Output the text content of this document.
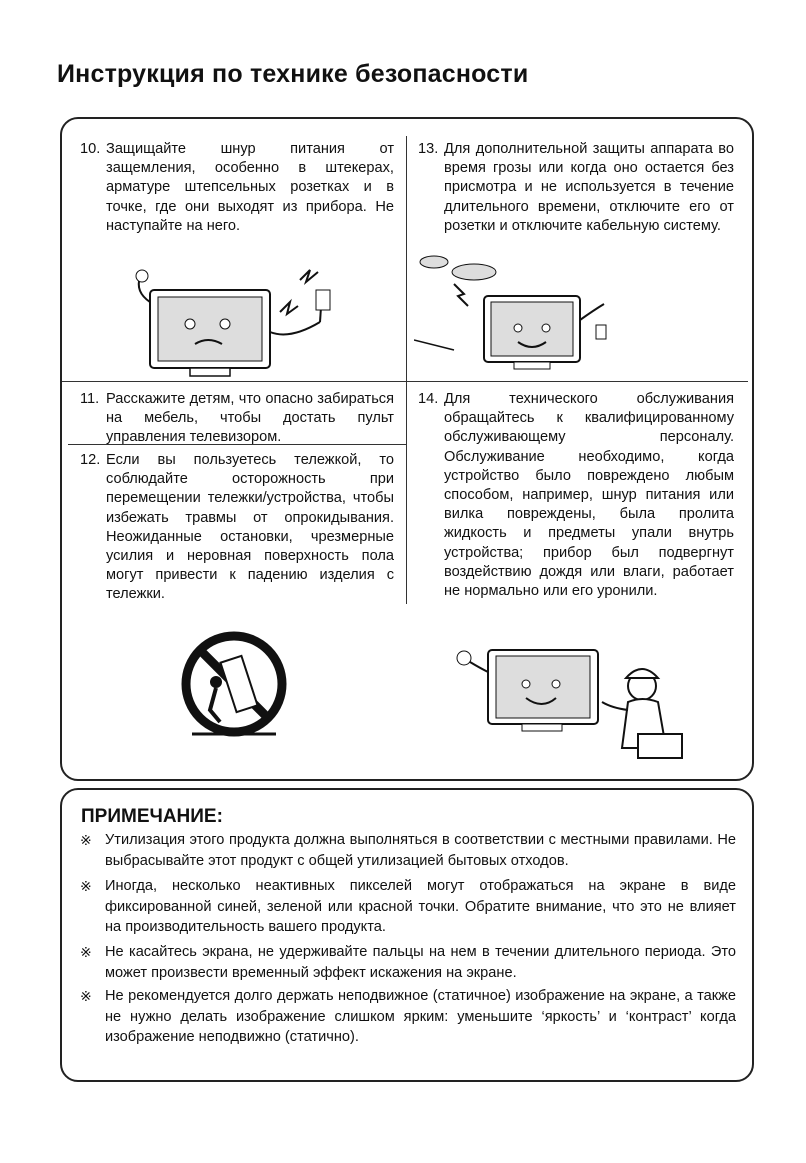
Инструкция по технике безопасности
10. Защищайте шнур питания от защемления, особенно в штекерах, арматуре штепсельных розетках и в точке, где они выходят из прибора. Не наступайте на него.
13. Для дополнительной защиты аппарата во время грозы или когда оно остается без присмотра и не используется в течение длительного времени, отключите его от розетки и отключите кабельную систему.
11. Расскажите детям, что опасно забираться на мебель, чтобы достать пульт управления телевизором.
12. Если вы пользуетесь тележкой, то соблюдайте осторожность при перемещении тележки/устройства, чтобы избежать травмы от опрокидывания. Неожиданные остановки, чрезмерные усилия и неровная поверхность пола могут привести к падению изделия с тележки.
14. Для технического обслуживания обращайтесь к квалифицированному обслуживающему персоналу. Обслуживание необходимо, когда устройство было повреждено любым способом, например, шнур питания или вилка повреждены, была пролита жидкость и предметы упали внутрь устройства; прибор был подвергнут воздействию дождя или влаги, работает не нормально или его уронили.
ПРИМЕЧАНИЕ:
※ Утилизация этого продукта должна выполняться в соответствии с местными правилами. Не выбрасывайте этот продукт с общей утилизацией бытовых отходов.
※ Иногда, несколько неактивных пикселей могут отображаться на экране в виде фиксированной синей, зеленой или красной точки. Обратите внимание, что это не влияет на производительность вашего продукта.
※ Не касайтесь экрана, не удерживайте пальцы на нем в течении длительного периода. Это может произвести временный эффект искажения на экране.
※ Не рекомендуется долго держать неподвижное (статичное) изображение на экране, а также не нужно делать изображение слишком ярким: уменьшите ‘яркость’ и ‘контраст’ когда изображение неподвижно (статично).
